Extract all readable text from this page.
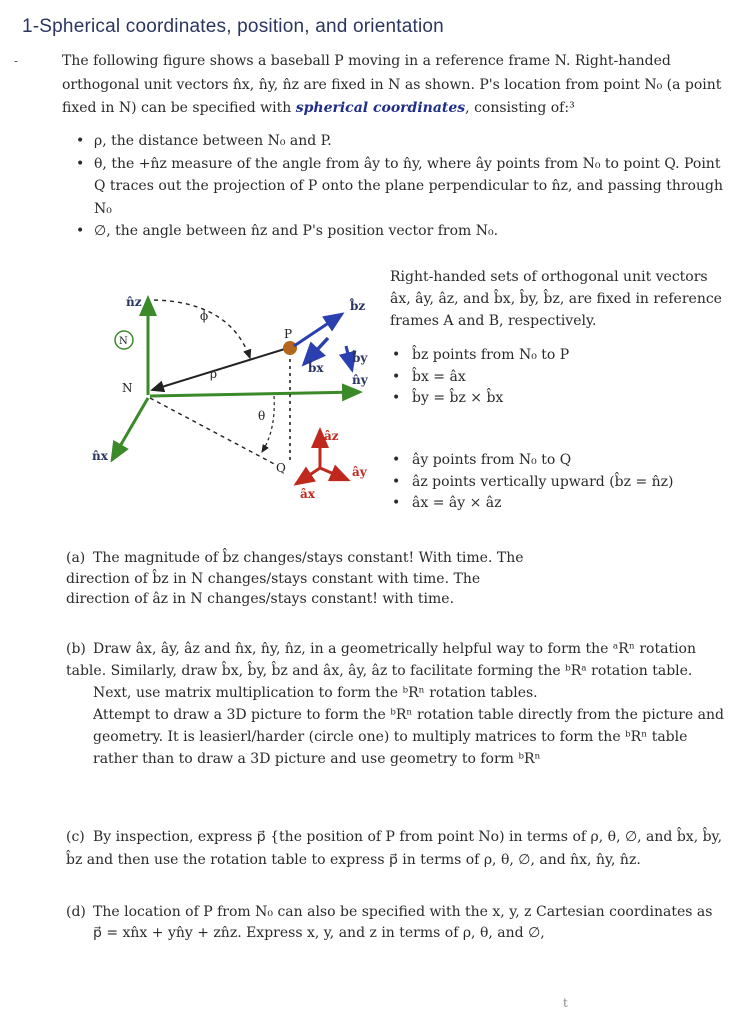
1-Spherical coordinates, position, and orientation
-	The following figure shows a baseball P moving in a reference frame N. Right-handed orthogonal unit vectors n̂x, n̂y, n̂z are fixed in N as shown. P's location from point N₀ (a point fixed in N) can be specified with spherical coordinates, consisting of:³
• ρ, the distance between N₀ and P.
• θ, the +n̂z measure of the angle from ây to n̂y, where ây points from N₀ to point Q. Point Q traces out the projection of P onto the plane perpendicular to n̂z, and passing through N₀
• ∅, the angle between n̂z and P's position vector from N₀.
n̂z
ϕ
N
P
b̂z
b̂x
b̂y
n̂y
ρ
N
θ
n̂x
Q
âz
ây
âx
Right-handed sets of orthogonal unit vectors âx, ây, âz, and b̂x, b̂y, b̂z, are fixed in reference frames A and B, respectively.
• b̂z points from N₀ to P
• b̂x = âx
• b̂y = b̂z × b̂x
• ây points from N₀ to Q
• âz points vertically upward (b̂z = n̂z)
• âx = ây × âz
(a) The magnitude of b̂z changes/stays constant! With time. The direction of b̂z in N changes/stays constant with time. The direction of âz in N changes/stays constant! with time.
(b) Draw âx, ây, âz and n̂x, n̂y, n̂z, in a geometrically helpful way to form the ᵃRⁿ rotation table. Similarly, draw b̂x, b̂y, b̂z and âx, ây, âz to facilitate forming the ᵇRᵃ rotation table.
Next, use matrix multiplication to form the ᵇRⁿ rotation tables.
Attempt to draw a 3D picture to form the ᵇRⁿ rotation table directly from the picture and geometry. It is leasierl/harder (circle one) to multiply matrices to form the ᵇRⁿ table rather than to draw a 3D picture and use geometry to form ᵇRⁿ
(c) By inspection, express p⃗ {the position of P from point No) in terms of ρ, θ, ∅, and b̂x, b̂y, b̂z and then use the rotation table to express p⃗ in terms of ρ, θ, ∅, and n̂x, n̂y, n̂z.
(d) The location of P from N₀ can also be specified with the x, y, z Cartesian coordinates as
p⃗ = xn̂x + yn̂y + zn̂z. Express x, y, and z in terms of ρ, θ, and ∅,
t
